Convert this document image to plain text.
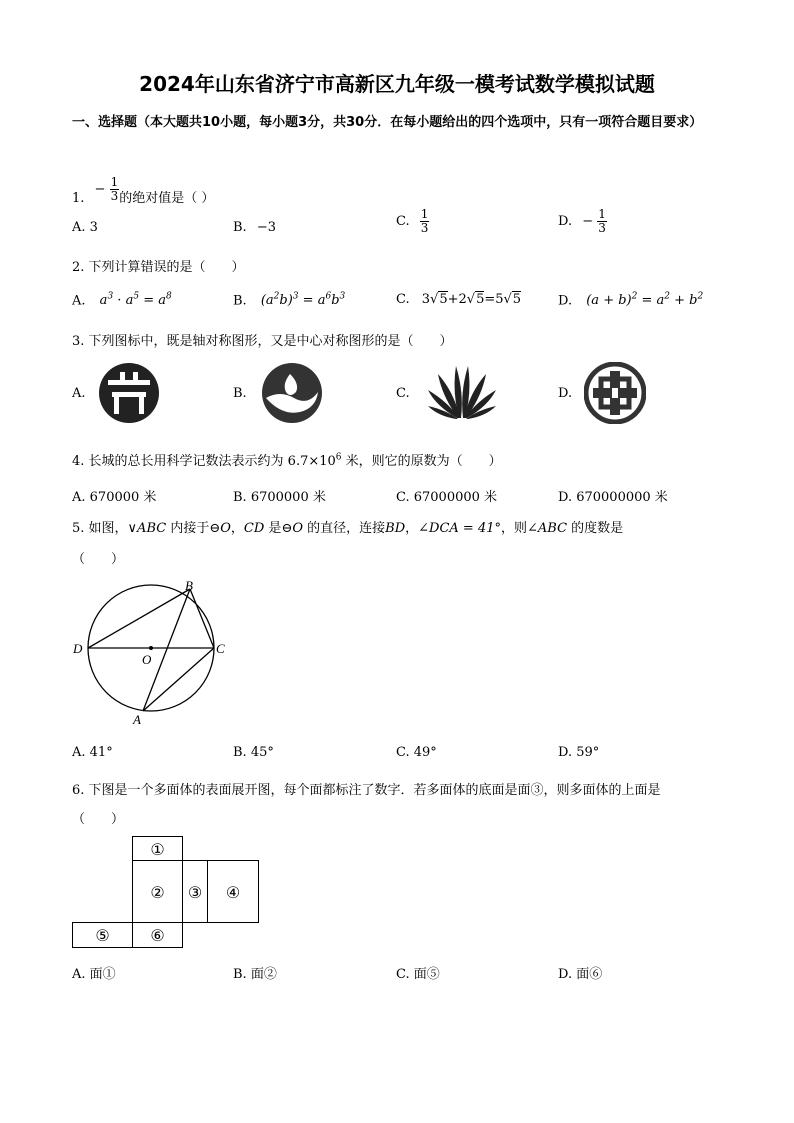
2024年山东省济宁市高新区九年级一模考试数学模拟试题
一、选择题（本大题共10小题，每小题3分，共30分．在每小题给出的四个选项中，只有一项符合题目要求）
1. − $\frac{1}{3}$ 的绝对值是（ ）
A. 3	B. −3	C. $\frac{1}{3}$	D. − $\frac{1}{3}$
2. 下列计算错误的是（　　）
A. $a^3 \cdot a^5 = a^8$	B. $(a^2b)^3 = a^6b^3$	C. 3√5+2√5=5√5	D. $(a + b)^2 = a^2 + b^2$
3. 下列图标中，既是轴对称图形，又是中心对称图形的是（　　）
A.	B.	C.	D.
4. 长城的总长用科学记数法表示约为 $6.7\times 10^6$ 米，则它的原数为（　　）
A. 670000 米	B. 6700000 米	C. 67000000 米	D. 670000000 米
5. 如图，∨ABC 内接于⊖O，CD 是⊖O 的直径，连接BD，∠DCA = 41°，则∠ABC 的度数是
（　　）
B
D	C
O
A
A. 41°	B. 45°	C. 49°	D. 59°
6. 下图是一个多面体的表面展开图，每个面都标注了数字．若多面体的底面是面③，则多面体的上面是
（　　）
①
②	③	④
⑤	⑥
A. 面①	B. 面②	C. 面⑤	D. 面⑥
